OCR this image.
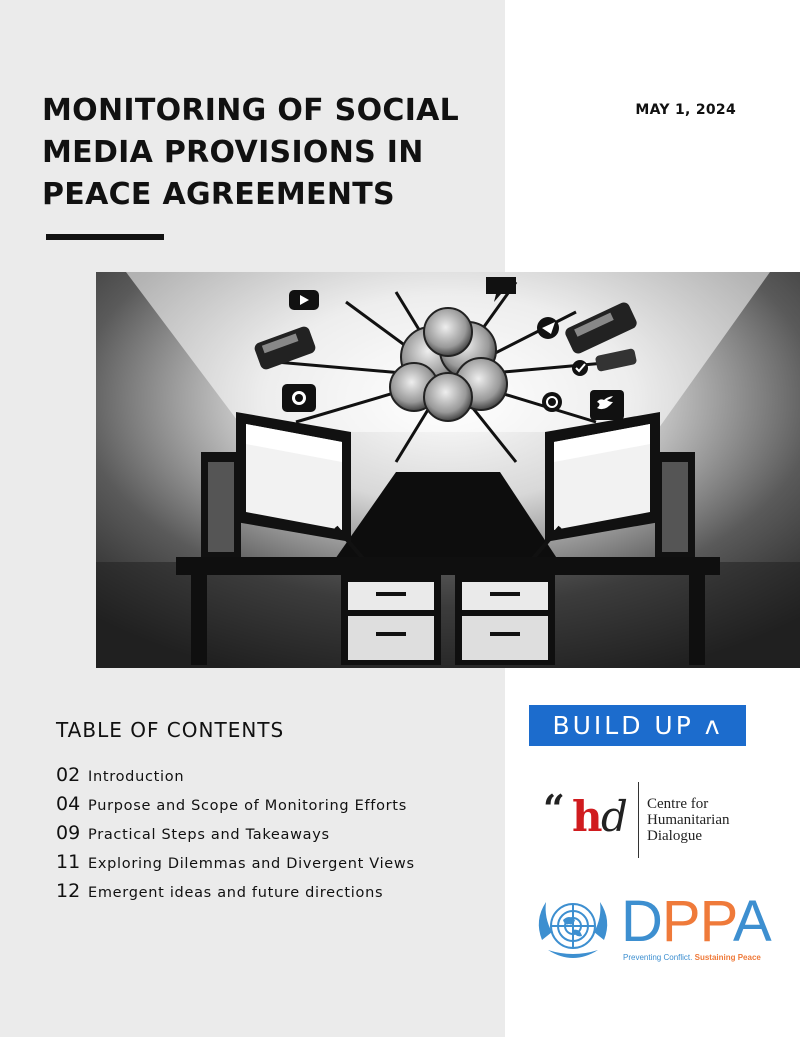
MONITORING OF SOCIAL MEDIA PROVISIONS IN PEACE AGREEMENTS
MAY 1, 2024
TABLE OF CONTENTS
02 Introduction
04 Purpose and Scope of Monitoring Efforts
09 Practical Steps and Takeaways
11 Exploring Dilemmas and Divergent Views
12 Emergent ideas and future directions
BUILD UP ʌ
“ h
d Centre for
Humanitarian
Dialogue
DPPA
Preventing Conflict. Sustaining Peace
